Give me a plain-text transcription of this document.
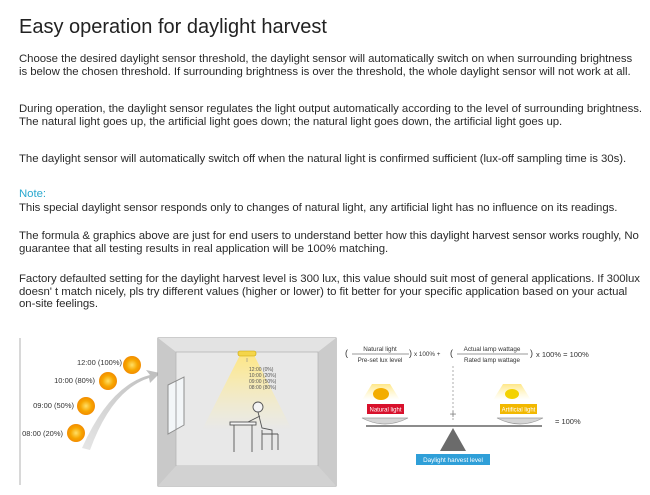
Easy operation for daylight harvest

Choose the desired daylight sensor threshold, the daylight sensor will automatically switch on when surrounding brightness is below the chosen threshold. If surrounding brightness is over the threshold, the whole daylight sensor will not work at all.

During operation, the daylight sensor regulates the light output automatically according to the level of surrounding brightness. The natural light goes up, the artificial light goes down; the natural light goes down, the artificial light goes up.

The daylight sensor will automatically switch off when the natural light is confirmed sufficient (lux-off sampling time is 30s).

Note:

This special daylight sensor responds only to changes of natural light, any artificial light has no influence on its readings.

The formula & graphics above are just for end users to understand better how this daylight harvest sensor works roughly, No guarantee that all testing results in real application will be 100% matching.

Factory defaulted setting for the daylight harvest level is 300 lux, this value should suit most of general applications. If 300lux doesn' t match nicely, pls try different values (higher or lower) to fit better for your specific application based on your actual on-site feelings.

12:00 (100%)
10:00 (80%)
09:00 (50%)
08:00 (20%)
12:00 (0%)
10:00 (20%)
09:00 (50%)
08:00 (80%)
( Natural light
Pre-set lux level
) x 100% + ( Actual lamp wattage
Rated lamp wattage
) x 100% = 100%
Natural light	Artificial light
+
= 100%
Daylight harvest level
